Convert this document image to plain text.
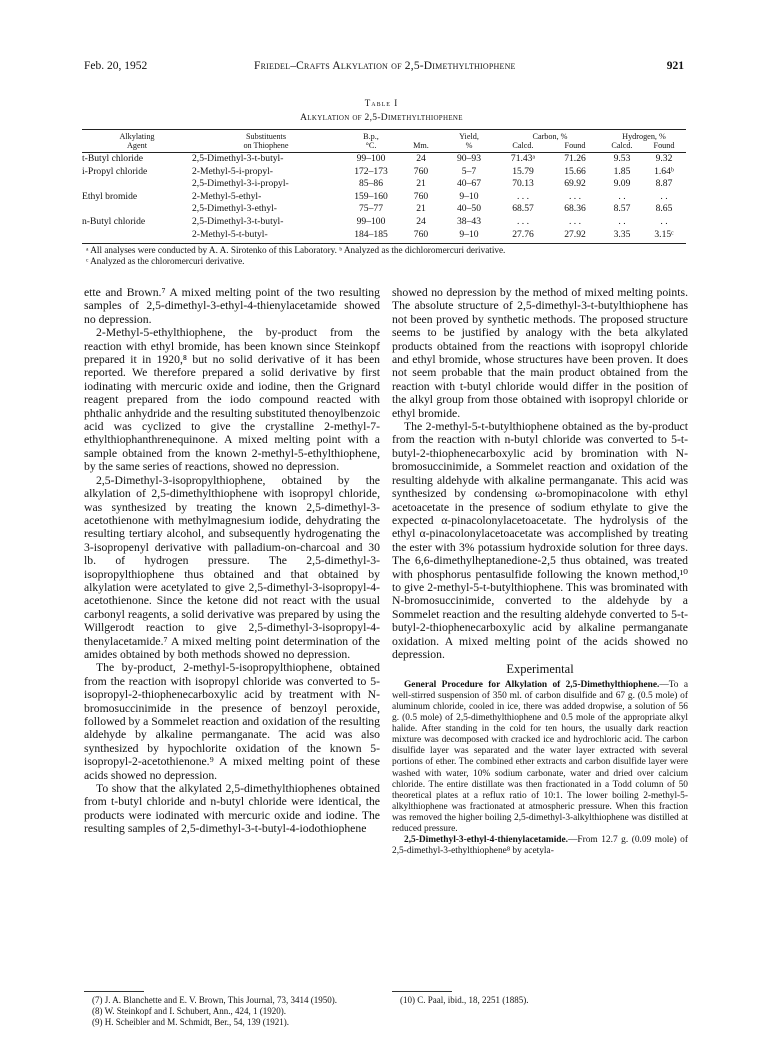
Feb. 20, 1952	Friedel–Crafts Alkylation of 2,5-Dimethylthiophene	921
Table I
Alkylation of 2,5-Dimethylthiophene

Alkylating	Substituents	B.p.,		Yield,	Carbon, %		Hydrogen, %	
Agent	on Thiophene	°C.	Mm.	%	Calcd.	Found	Calcd.	Found
t-Butyl chloride	2,5-Dimethyl-3-t-butyl-	99–100	24	90–93	71.43ᵃ	71.26	9.53	9.32
i-Propyl chloride	2-Methyl-5-i-propyl-	172–173	760	5–7	15.79	15.66	1.85	1.64ᵇ
	2,5-Dimethyl-3-i-propyl-	85–86	21	40–67	70.13	69.92	9.09	8.87
Ethyl bromide	2-Methyl-5-ethyl-	159–160	760	9–10	. . .	. . .	. .	. .
	2,5-Dimethyl-3-ethyl-	75–77	21	40–50	68.57	68.36	8.57	8.65
n-Butyl chloride	2,5-Dimethyl-3-t-butyl-	99–100	24	38–43	. . .	. . .	. .	. .
	2-Methyl-5-t-butyl-	184–185	760	9–10	27.76	27.92	3.35	3.15ᶜ
ᵃ All analyses were conducted by A. A. Sirotenko of this Laboratory. ᵇ Analyzed as the dichloromercuri derivative.
ᶜ Analyzed as the chloromercuri derivative.

ette and Brown.⁷ A mixed melting point of the two resulting samples of 2,5-dimethyl-3-ethyl-4-thienylacetamide showed no depression.

2-Methyl-5-ethylthiophene, the by-product from the reaction with ethyl bromide, has been known since Steinkopf prepared it in 1920,⁸ but no solid derivative of it has been reported. We therefore prepared a solid derivative by first iodinating with mercuric oxide and iodine, then the Grignard reagent prepared from the iodo compound reacted with phthalic anhydride and the resulting substituted thenoylbenzoic acid was cyclized to give the crystalline 2-methyl-7-ethylthiophanthrenequinone. A mixed melting point with a sample obtained from the known 2-methyl-5-ethylthiophene, by the same series of reactions, showed no depression.

2,5-Dimethyl-3-isopropylthiophene, obtained by the alkylation of 2,5-dimethylthiophene with isopropyl chloride, was synthesized by treating the known 2,5-dimethyl-3-acetothienone with methylmagnesium iodide, dehydrating the resulting tertiary alcohol, and subsequently hydrogenating the 3-isopropenyl derivative with palladium-on-charcoal and 30 lb. of hydrogen pressure. The 2,5-dimethyl-3-isopropylthiophene thus obtained and that obtained by alkylation were acetylated to give 2,5-dimethyl-3-isopropyl-4-acetothienone. Since the ketone did not react with the usual carbonyl reagents, a solid derivative was prepared by using the Willgerodt reaction to give 2,5-dimethyl-3-isopropyl-4-thenylacetamide.⁷ A mixed melting point determination of the amides obtained by both methods showed no depression.

The by-product, 2-methyl-5-isopropylthiophene, obtained from the reaction with isopropyl chloride was converted to 5-isopropyl-2-thiophenecarboxylic acid by treatment with N-bromosuccinimide in the presence of benzoyl peroxide, followed by a Sommelet reaction and oxidation of the resulting aldehyde by alkaline permanganate. The acid was also synthesized by hypochlorite oxidation of the known 5-isopropyl-2-acetothienone.⁹ A mixed melting point of these acids showed no depression.

To show that the alkylated 2,5-dimethylthiophenes obtained from t-butyl chloride and n-butyl chloride were identical, the products were iodinated with mercuric oxide and iodine. The resulting samples of 2,5-dimethyl-3-t-butyl-4-iodothiophene

showed no depression by the method of mixed melting points. The absolute structure of 2,5-dimethyl-3-t-butylthiophene has not been proved by synthetic methods. The proposed structure seems to be justified by analogy with the beta alkylated products obtained from the reactions with isopropyl chloride and ethyl bromide, whose structures have been proven. It does not seem probable that the main product obtained from the reaction with t-butyl chloride would differ in the position of the alkyl group from those obtained with isopropyl chloride or ethyl bromide.

The 2-methyl-5-t-butylthiophene obtained as the by-product from the reaction with n-butyl chloride was converted to 5-t-butyl-2-thiophenecarboxylic acid by bromination with N-bromosuccinimide, a Sommelet reaction and oxidation of the resulting aldehyde with alkaline permanganate. This acid was synthesized by condensing ω-bromopinacolone with ethyl acetoacetate in the presence of sodium ethylate to give the expected α-pinacolonylacetoacetate. The hydrolysis of the ethyl α-pinacolonylacetoacetate was accomplished by treating the ester with 3% potassium hydroxide solution for three days. The 6,6-dimethylheptanedione-2,5 thus obtained, was treated with phosphorus pentasulfide following the known method,¹⁰ to give 2-methyl-5-t-butylthiophene. This was brominated with N-bromosuccinimide, converted to the aldehyde by a Sommelet reaction and the resulting aldehyde converted to 5-t-butyl-2-thiophenecarboxylic acid by alkaline permanganate oxidation. A mixed melting point of the acids showed no depression.

Experimental

General Procedure for Alkylation of 2,5-Dimethylthiophene.—To a well-stirred suspension of 350 ml. of carbon disulfide and 67 g. (0.5 mole) of aluminum chloride, cooled in ice, there was added dropwise, a solution of 56 g. (0.5 mole) of 2,5-dimethylthiophene and 0.5 mole of the appropriate alkyl halide. After standing in the cold for ten hours, the usually dark reaction mixture was decomposed with cracked ice and hydrochloric acid. The carbon disulfide layer was separated and the water layer extracted with several portions of ether. The combined ether extracts and carbon disulfide layer were washed with water, 10% sodium carbonate, water and dried over calcium chloride. The entire distillate was then fractionated in a Todd column of 50 theoretical plates at a reflux ratio of 10:1. The lower boiling 2-methyl-5-alkylthiophene was fractionated at atmospheric pressure. When this fraction was removed the higher boiling 2,5-dimethyl-3-alkylthiophene was distilled at reduced pressure.

2,5-Dimethyl-3-ethyl-4-thienylacetamide.—From 12.7 g. (0.09 mole) of 2,5-dimethyl-3-ethylthiophene⁸ by acetyla-

(7) J. A. Blanchette and E. V. Brown, This Journal, 73, 3414 (1950).
(8) W. Steinkopf and I. Schubert, Ann., 424, 1 (1920).
(9) H. Scheibler and M. Schmidt, Ber., 54, 139 (1921).
(10) C. Paal, ibid., 18, 2251 (1885).
